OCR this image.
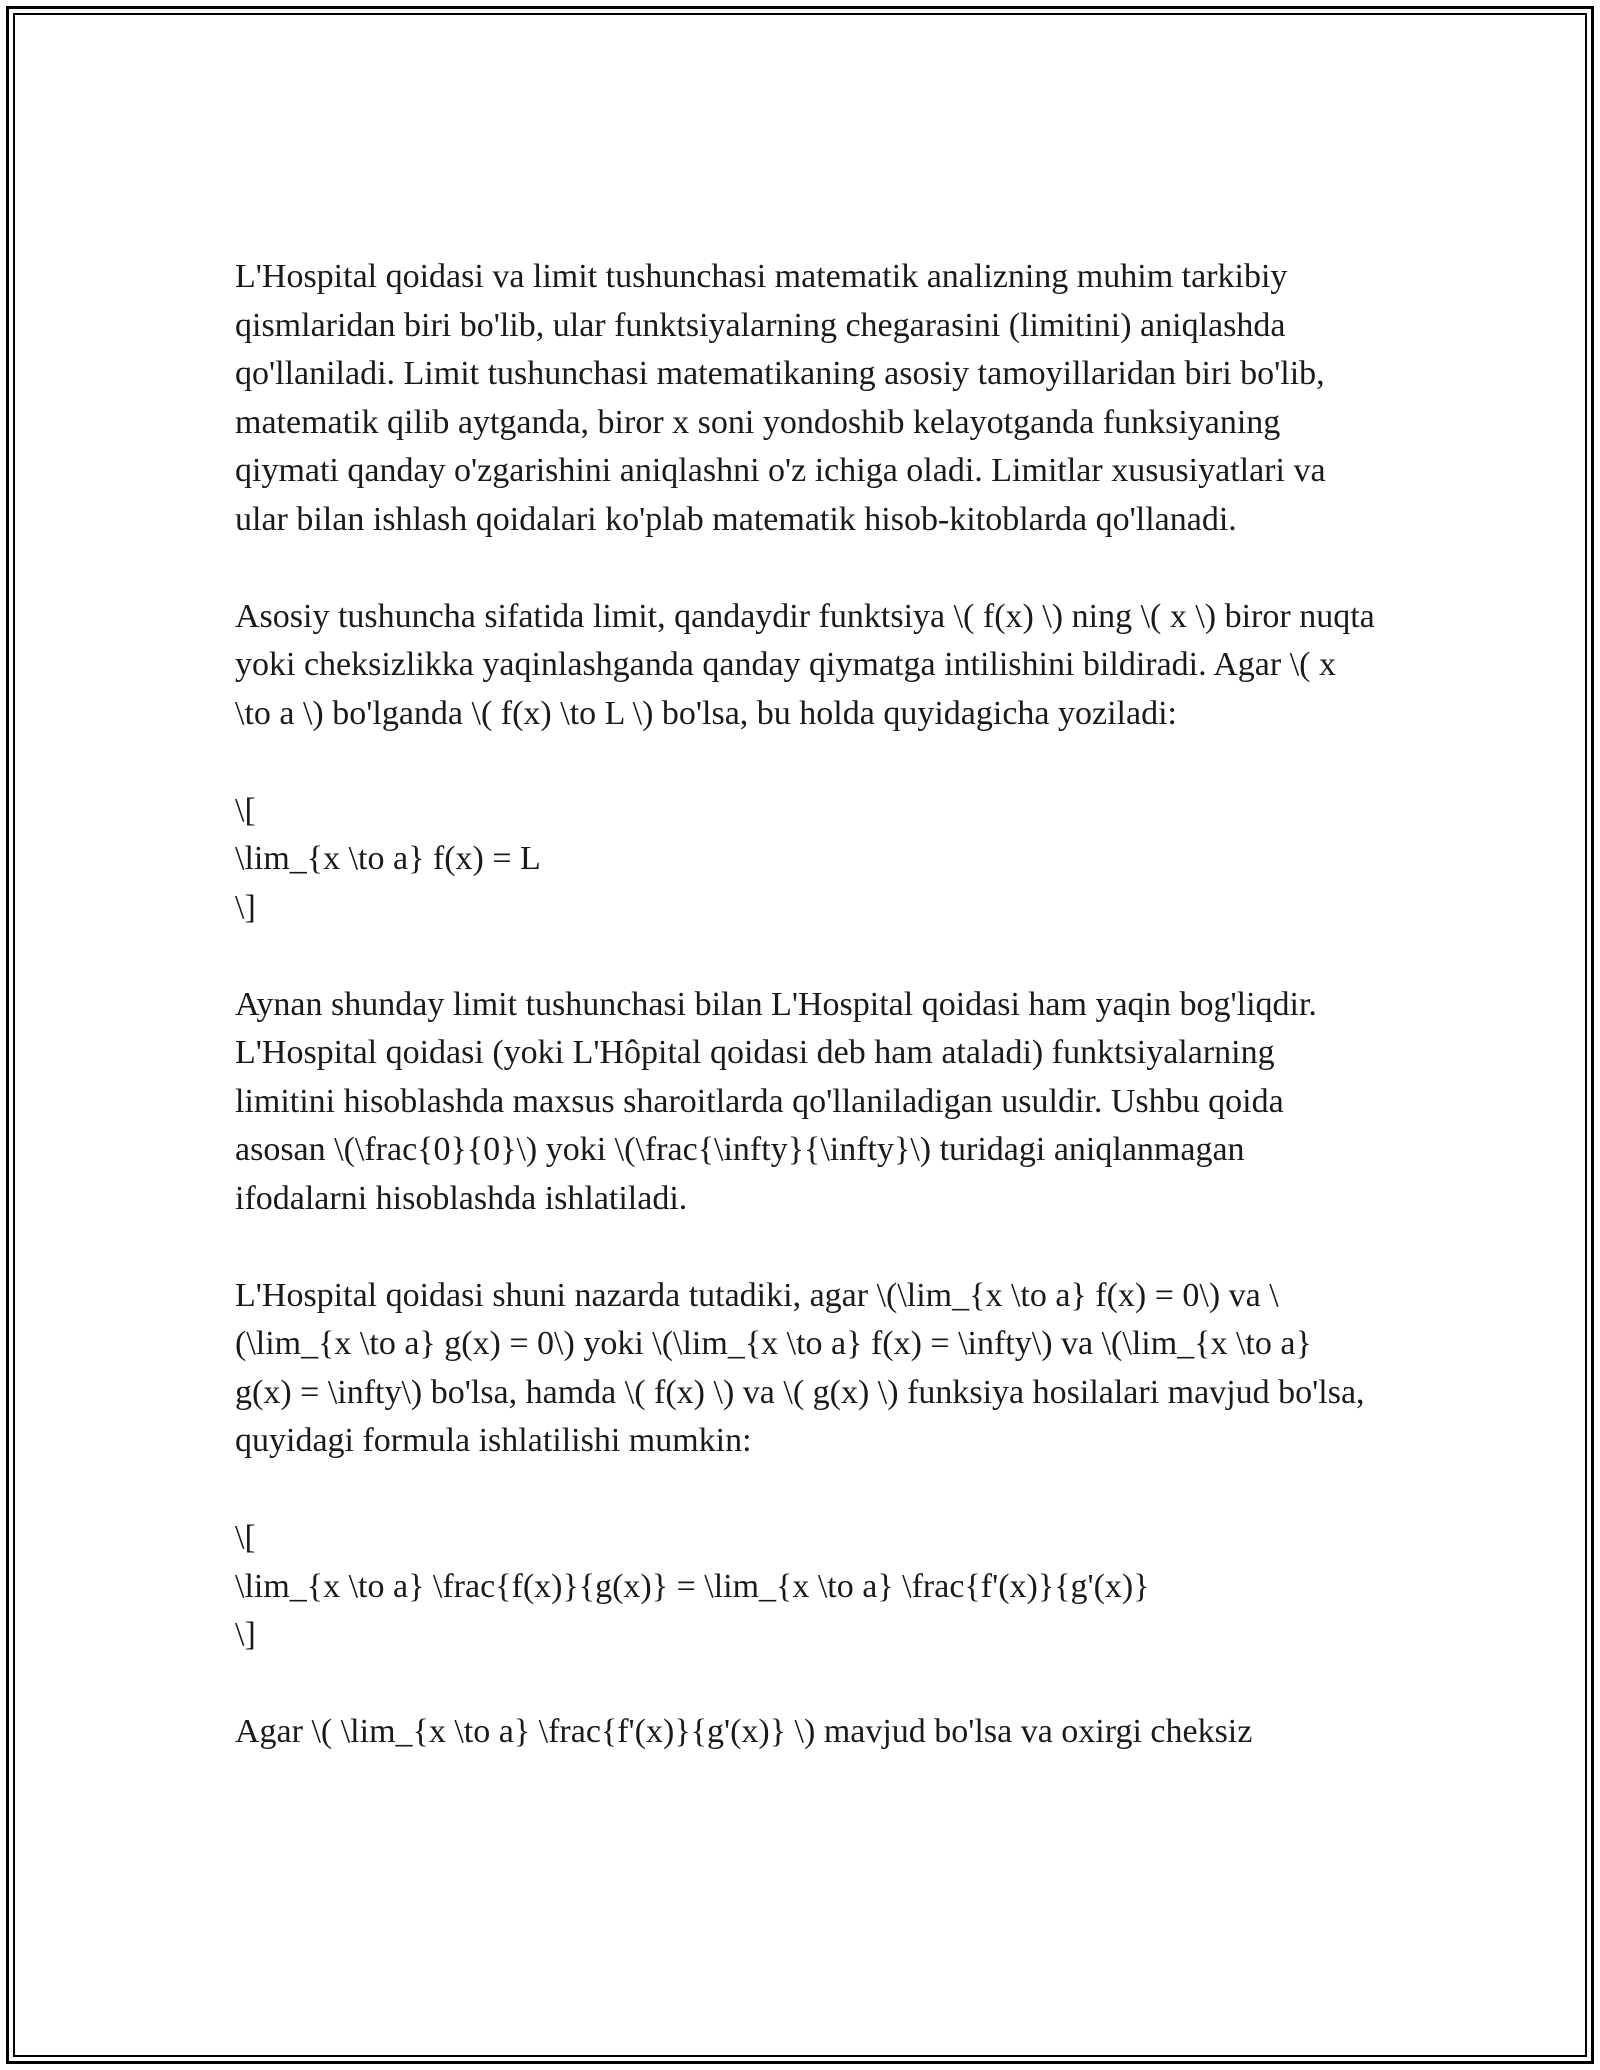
L'Hospital qoidasi va limit tushunchasi matematik analizning muhim tarkibiy qismlaridan biri bo'lib, ular funktsiyalarning chegarasini (limitini) aniqlashda qo'llaniladi. Limit tushunchasi matematikaning asosiy tamoyillaridan biri bo'lib, matematik qilib aytganda, biror x soni yondoshib kelayotganda funksiyaning qiymati qanday o'zgarishini aniqlashni o'z ichiga oladi. Limitlar xususiyatlari va ular bilan ishlash qoidalari ko'plab matematik hisob-kitoblarda qo'llanadi.

Asosiy tushuncha sifatida limit, qandaydir funktsiya \( f(x) \) ning \( x \) biror nuqta yoki cheksizlikka yaqinlashganda qanday qiymatga intilishini bildiradi. Agar \( x \to a \) bo'lganda \( f(x) \to L \) bo'lsa, bu holda quyidagicha yoziladi:

\[
\lim_{x \to a} f(x) = L
\]

Aynan shunday limit tushunchasi bilan L'Hospital qoidasi ham yaqin bog'liqdir. L'Hospital qoidasi (yoki L'Hôpital qoidasi deb ham ataladi) funktsiyalarning limitini hisoblashda maxsus sharoitlarda qo'llaniladigan usuldir. Ushbu qoida asosan \(\frac{0}{0}\) yoki \(\frac{\infty}{\infty}\) turidagi aniqlanmagan ifodalarni hisoblashda ishlatiladi.

L'Hospital qoidasi shuni nazarda tutadiki, agar \(\lim_{x \to a} f(x) = 0\) va \(\lim_{x \to a} g(x) = 0\) yoki \(\lim_{x \to a} f(x) = \infty\) va \(\lim_{x \to a} g(x) = \infty\) bo'lsa, hamda \( f(x) \) va \( g(x) \) funksiya hosilalari mavjud bo'lsa, quyidagi formula ishlatilishi mumkin:

\[
\lim_{x \to a} \frac{f(x)}{g(x)} = \lim_{x \to a} \frac{f'(x)}{g'(x)}
\]

Agar \( \lim_{x \to a} \frac{f'(x)}{g'(x)} \) mavjud bo'lsa va oxirgi cheksiz
